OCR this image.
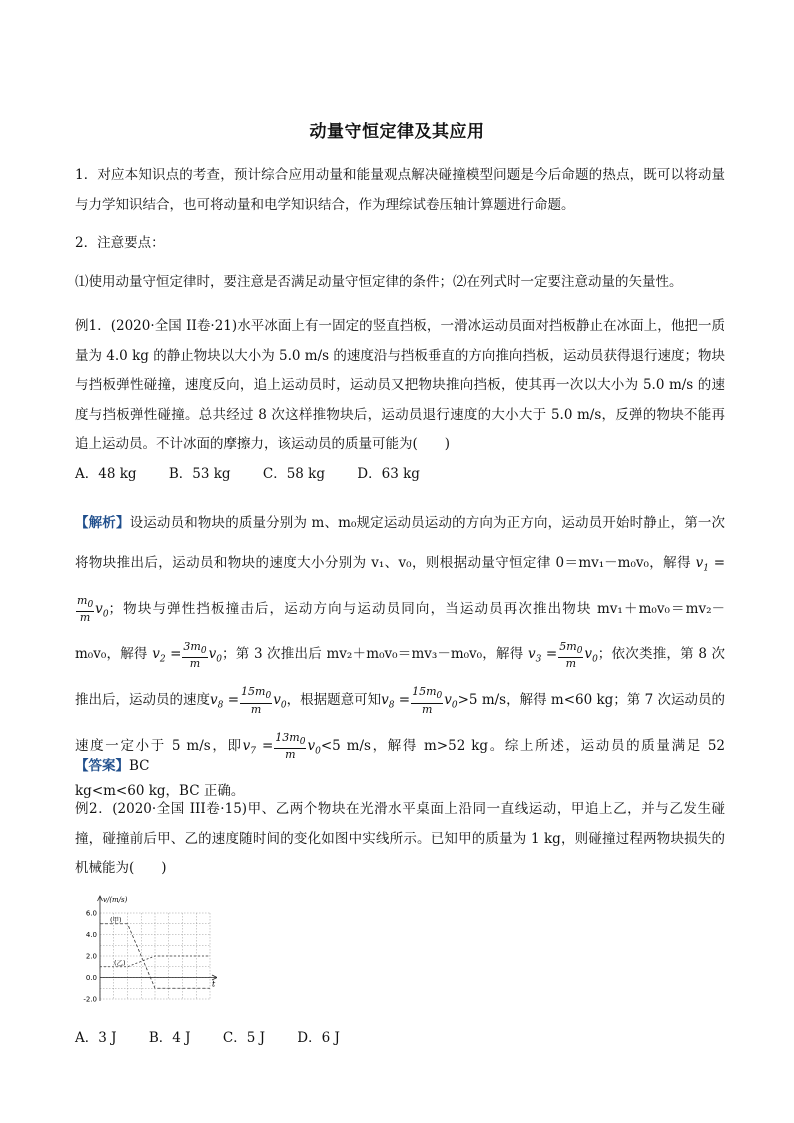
动量守恒定律及其应用
1．对应本知识点的考查，预计综合应用动量和能量观点解决碰撞模型问题是今后命题的热点，既可以将动量与力学知识结合，也可将动量和电学知识结合，作为理综试卷压轴计算题进行命题。
2．注意要点：
⑴使用动量守恒定律时，要注意是否满足动量守恒定律的条件；⑵在列式时一定要注意动量的矢量性。
例1．(2020·全国 II卷·21)水平冰面上有一固定的竖直挡板，一滑冰运动员面对挡板静止在冰面上，他把一质量为 4.0 kg 的静止物块以大小为 5.0 m/s 的速度沿与挡板垂直的方向推向挡板，运动员获得退行速度；物块与挡板弹性碰撞，速度反向，追上运动员时，运动员又把物块推向挡板，使其再一次以大小为 5.0 m/s 的速度与挡板弹性碰撞。总共经过 8 次这样推物块后，运动员退行速度的大小大于 5.0 m/s，反弹的物块不能再追上运动员。不计冰面的摩擦力，该运动员的质量可能为(　　)
A．48 kg B．53 kg C．58 kg D．63 kg
【解析】设运动员和物块的质量分别为 m、m₀规定运动员运动的方向为正方向，运动员开始时静止，第一次将物块推出后，运动员和物块的速度大小分别为 v₁、v₀，则根据动量守恒定律 0＝mv₁－m₀v₀，解得 $v_1$ =
$\frac{m_0}{m} v_0$；物块与弹性挡板撞击后，运动方向与运动员同向，当运动员再次推出物块 mv₁＋m₀v₀＝mv₂－m₀v₀，解得 $v_2 = \frac{3m_0}{m} v_0$；第 3 次推出后 mv₂＋m₀v₀＝mv₃－m₀v₀，解得 $v_3 = \frac{5m_0}{m} v_0$；依次类推，第 8 次推出后，运动员的速度$v_8 = \frac{15m_0}{m} v_0$，根据题意可知$v_8 = \frac{15m_0}{m} v_0>5$ m/s，解得 m<60 kg；第 7 次运动员的速度一定小于 5 m/s，即$v_7 = \frac{13m_0}{m} v_0<5$ m/s，解得 m>52 kg。综上所述，运动员的质量满足 52 kg<m<60 kg，BC 正确。
【答案】BC
例2．(2020·全国 III卷·15)甲、乙两个物块在光滑水平桌面上沿同一直线运动，甲追上乙，并与乙发生碰撞，碰撞前后甲、乙的速度随时间的变化如图中实线所示。已知甲的质量为 1 kg，则碰撞过程两物块损失的机械能为(　　)
v/(m/s)
t
6.0
4.0
2.0
0.0
-2.0
(甲)
(乙)
A．3 J B．4 J C．5 J D．6 J
